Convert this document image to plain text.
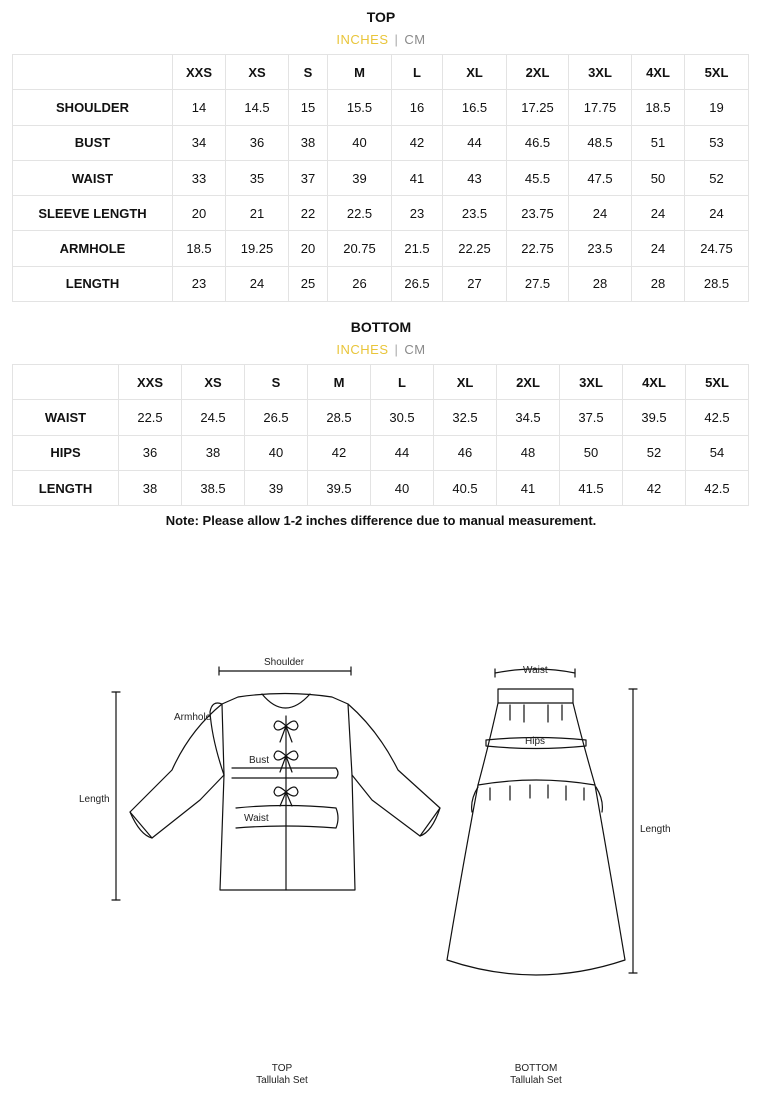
TOP
INCHES | CM
	XXS	XS	S	M	L	XL	2XL	3XL	4XL	5XL
SHOULDER	14	14.5	15	15.5	16	16.5	17.25	17.75	18.5	19
BUST	34	36	38	40	42	44	46.5	48.5	51	53
WAIST	33	35	37	39	41	43	45.5	47.5	50	52
SLEEVE LENGTH	20	21	22	22.5	23	23.5	23.75	24	24	24
ARMHOLE	18.5	19.25	20	20.75	21.5	22.25	22.75	23.5	24	24.75
LENGTH	23	24	25	26	26.5	27	27.5	28	28	28.5
BOTTOM
INCHES | CM
	XXS	XS	S	M	L	XL	2XL	3XL	4XL	5XL
WAIST	22.5	24.5	26.5	28.5	30.5	32.5	34.5	37.5	39.5	42.5
HIPS	36	38	40	42	44	46	48	50	52	54
LENGTH	38	38.5	39	39.5	40	40.5	41	41.5	42	42.5
Note: Please allow 1-2 inches difference due to manual measurement.
Shoulder
Armhole
Length
Bust
Waist
Waist
Hips
Length
TOP
Tallulah Set
BOTTOM
Tallulah Set
